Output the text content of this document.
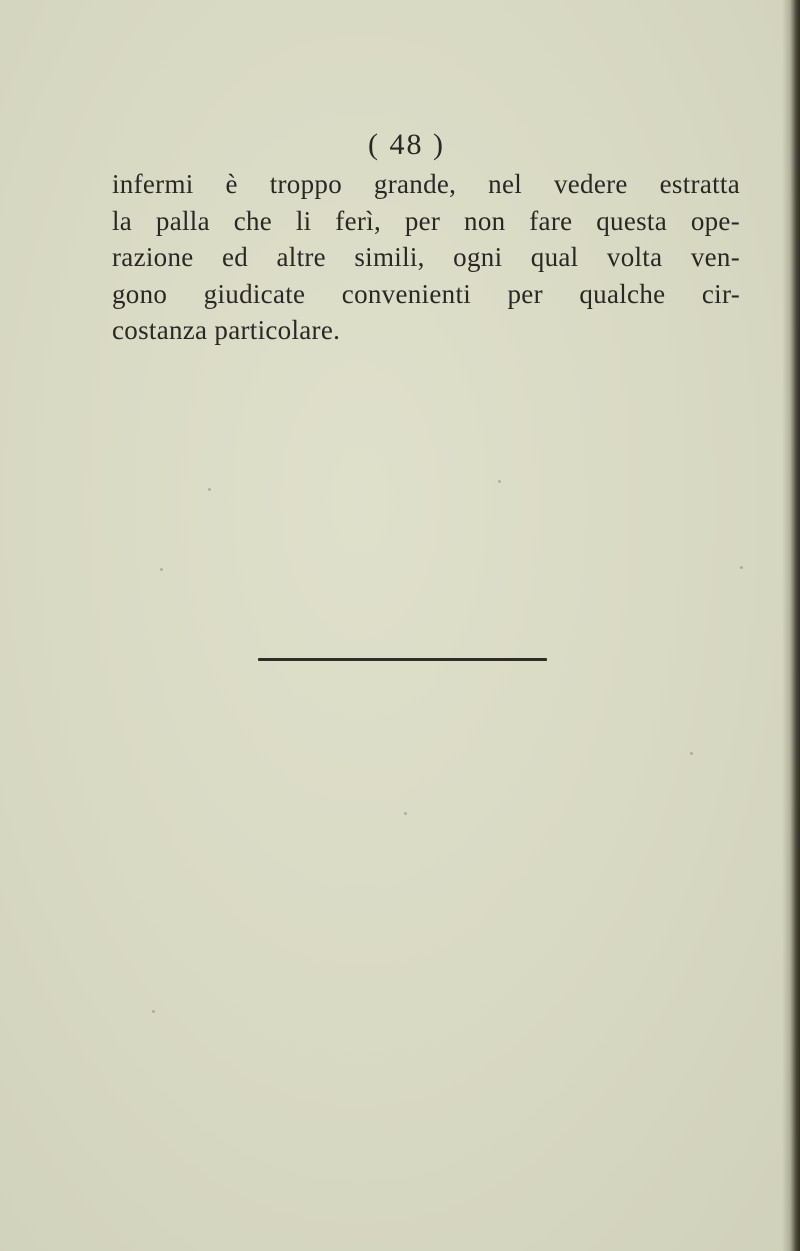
( 48 )
infermi è troppo grande, nel vedere estratta
la palla che li ferì, per non fare questa ope-
razione ed altre simili, ogni qual volta ven-
gono giudicate convenienti per qualche cir-
costanza particolare.
